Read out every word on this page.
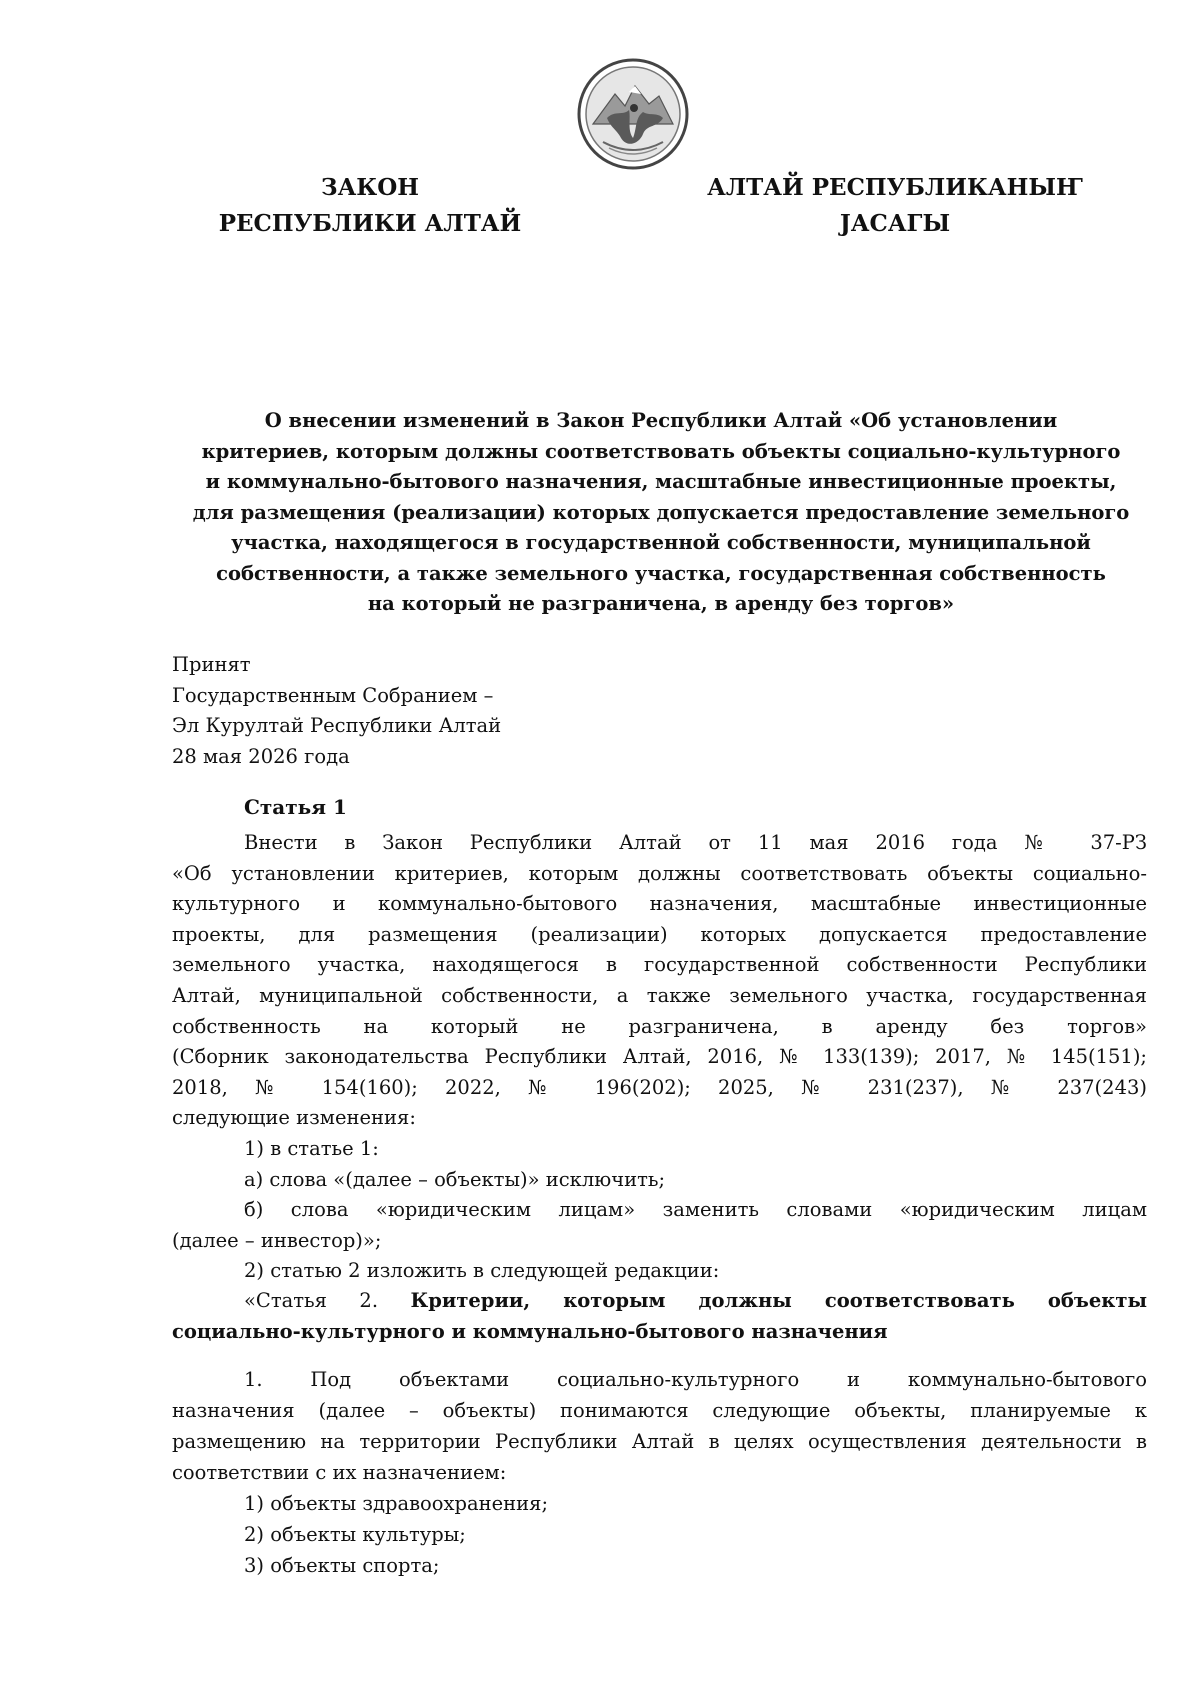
ЗАКОН
РЕСПУБЛИКИ АЛТАЙ
АЛТАЙ РЕСПУБЛИКАНЫҤ
ЈАСАГЫ
О внесении изменений в Закон Республики Алтай «Об установлении
критериев, которым должны соответствовать объекты социально-культурного
и коммунально-бытового назначения, масштабные инвестиционные проекты,
для размещения (реализации) которых допускается предоставление земельного
участка, находящегося в государственной собственности, муниципальной
собственности, а также земельного участка, государственная собственность
на который не разграничена, в аренду без торгов»
Принят
Государственным Собранием –
Эл Курултай Республики Алтай
28 мая 2026 года
Статья 1
Внести в Закон Республики Алтай от 11 мая 2016 года № 37-РЗ
«Об установлении критериев, которым должны соответствовать объекты социально-
культурного и коммунально-бытового назначения, масштабные инвестиционные
проекты, для размещения (реализации) которых допускается предоставление
земельного участка, находящегося в государственной собственности Республики
Алтай, муниципальной собственности, а также земельного участка, государственная
собственность на который не разграничена, в аренду без торгов»
(Сборник законодательства Республики Алтай, 2016, № 133(139); 2017, № 145(151);
2018, № 154(160); 2022, № 196(202); 2025, № 231(237), № 237(243)
следующие изменения:
1) в статье 1:
а) слова «(далее – объекты)» исключить;
б) слова «юридическим лицам» заменить словами «юридическим лицам
(далее – инвестор)»;
2) статью 2 изложить в следующей редакции:
«Статья 2. Критерии, которым должны соответствовать объекты
социально-культурного и коммунально-бытового назначения
1. Под объектами социально-культурного и коммунально-бытового
назначения (далее – объекты) понимаются следующие объекты, планируемые к
размещению на территории Республики Алтай в целях осуществления деятельности в
соответствии с их назначением:
1) объекты здравоохранения;
2) объекты культуры;
3) объекты спорта;
